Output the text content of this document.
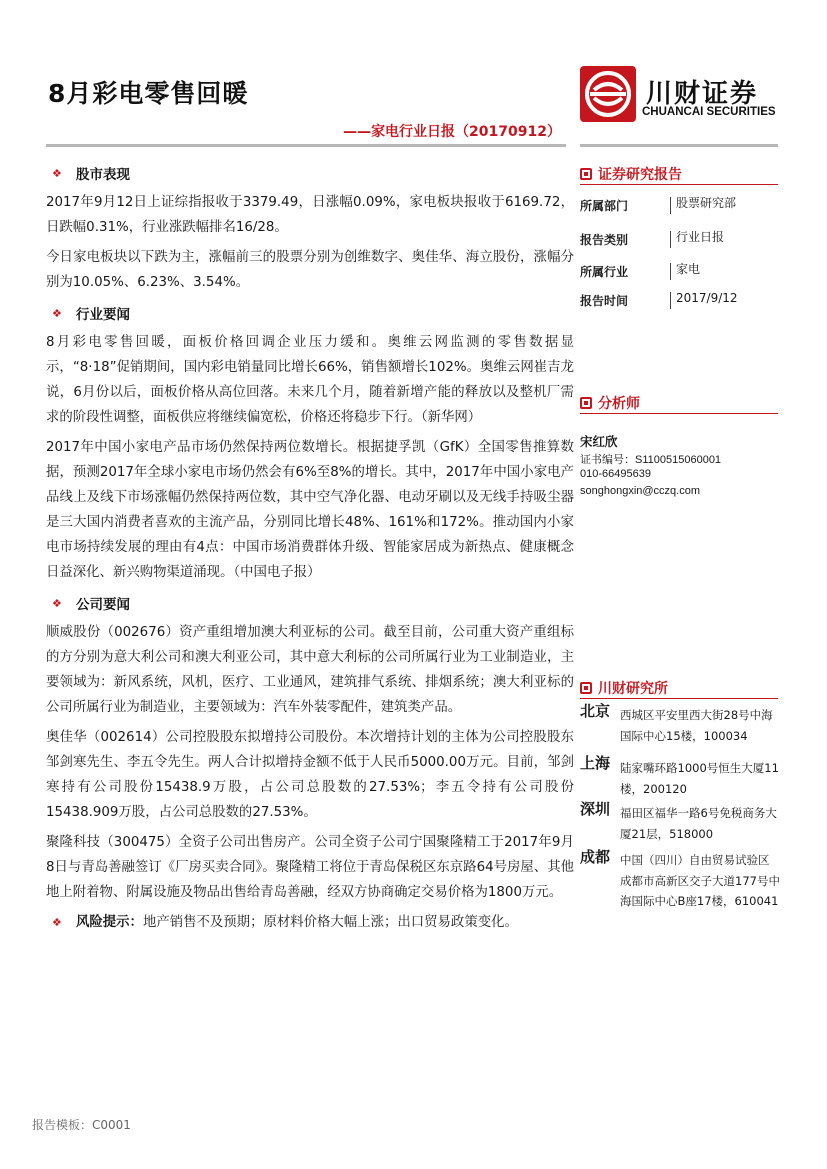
8月彩电零售回暖	川财证券
CHUANCAI SECURITIES
——家电行业日报（20170912）
❖	股市表现

2017年9月12日上证综指报收于3379.49，日涨幅0.09%，家电板块报收于6169.72，日跌幅0.31%，行业涨跌幅排名16/28。

今日家电板块以下跌为主，涨幅前三的股票分别为创维数字、奥佳华、海立股份，涨幅分别为10.05%、6.23%、3.54%。

❖	行业要闻

8月彩电零售回暖，面板价格回调企业压力缓和。奥维云网监测的零售数据显示，“8·18”促销期间，国内彩电销量同比增长66%，销售额增长102%。奥维云网崔吉龙说，6月份以后，面板价格从高位回落。未来几个月，随着新增产能的释放以及整机厂需求的阶段性调整，面板供应将继续偏宽松，价格还将稳步下行。（新华网）

2017年中国小家电产品市场仍然保持两位数增长。根据捷孚凯（GfK）全国零售推算数据，预测2017年全球小家电市场仍然会有6%至8%的增长。其中，2017年中国小家电产品线上及线下市场涨幅仍然保持两位数，其中空气净化器、电动牙刷以及无线手持吸尘器是三大国内消费者喜欢的主流产品，分别同比增长48%、161%和172%。推动国内小家电市场持续发展的理由有4点：中国市场消费群体升级、智能家居成为新热点、健康概念日益深化、新兴购物渠道涌现。（中国电子报）

❖	公司要闻

顺威股份（002676）资产重组增加澳大利亚标的公司。截至目前，公司重大资产重组标的方分别为意大利公司和澳大利亚公司，其中意大利标的公司所属行业为工业制造业，主要领域为：新风系统，风机，医疗、工业通风，建筑排气系统、排烟系统；澳大利亚标的公司所属行业为制造业，主要领域为：汽车外装零配件，建筑类产品。

奥佳华（002614）公司控股股东拟增持公司股份。本次增持计划的主体为公司控股股东邹剑寒先生、李五令先生。两人合计拟增持金额不低于人民币5000.00万元。目前，邹剑寒持有公司股份15438.9万股，占公司总股数的27.53%；李五令持有公司股份15438.909万股，占公司总股数的27.53%。

聚隆科技（300475）全资子公司出售房产。公司全资子公司宁国聚隆精工于2017年9月8日与青岛善融签订《厂房买卖合同》。聚隆精工将位于青岛保税区东京路64号房屋、其他地上附着物、附属设施及物品出售给青岛善融，经双方协商确定交易价格为1800万元。

❖	风险提示： 地产销售不及预期；原材料价格大幅上涨；出口贸易政策变化。
证券研究报告
所属部门	股票研究部
报告类别	行业日报
所属行业	家电
报告时间	2017/9/12
分析师
宋红欣
证书编号：S1100515060001
010-66495639
songhongxin@cczq.com
川财研究所
北京 西城区平安里西大街28号中海国际中心15楼，100034
上海 陆家嘴环路1000号恒生大厦11楼，200120
深圳 福田区福华一路6号免税商务大厦21层，518000
成都 中国（四川）自由贸易试验区成都市高新区交子大道177号中海国际中心B座17楼，610041
报告模板：C0001
